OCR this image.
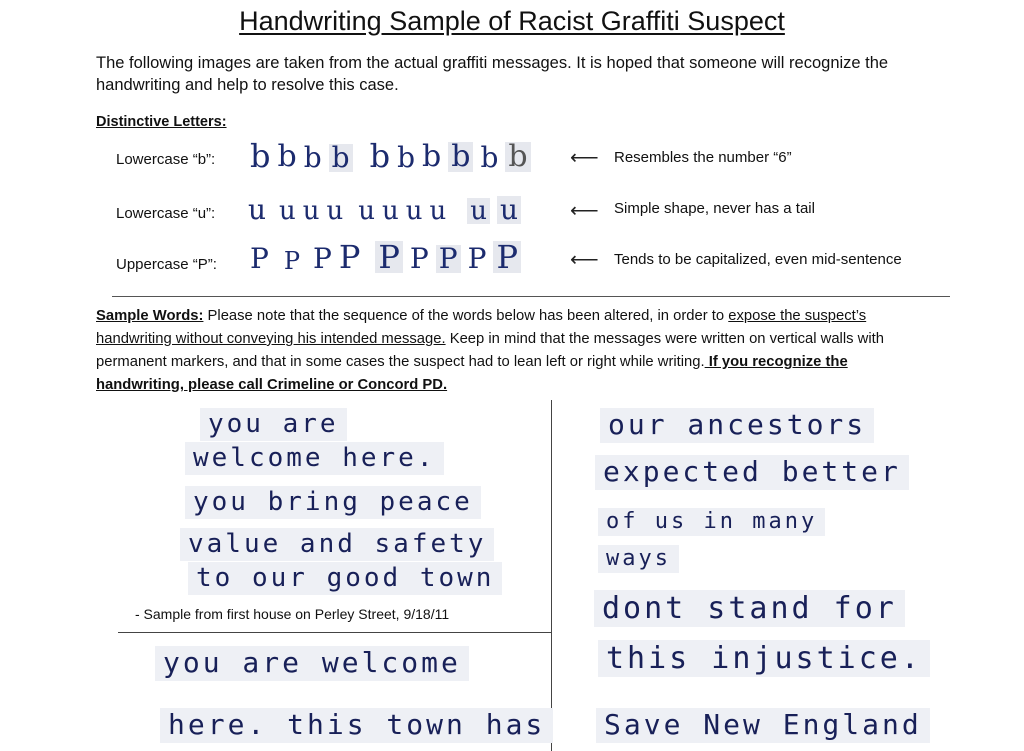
Handwriting Sample of Racist Graffiti Suspect
The following images are taken from the actual graffiti messages. It is hoped that someone will recognize the handwriting and help to resolve this case.
Distinctive Letters:
Lowercase “b”: b b b b b b b b b b ⟵ Resembles the number “6”
Lowercase “u”: u u u u u u u u u u	⟵ Simple shape, never has a tail
Uppercase “P”: P P P P P P P P P	⟵ Tends to be capitalized, even mid-sentence
Sample Words: Please note that the sequence of the words below has been altered, in order to expose the suspect’s handwriting without conveying his intended message. Keep in mind that the messages were written on vertical walls with permanent markers, and that in some cases the suspect had to lean left or right while writing. If you recognize the handwriting, please call Crimeline or Concord PD.
you are
welcome here.
you bring peace
value and safety
to our good town
- Sample from first house on Perley Street, 9/18/11
you are welcome
here. this town has
our ancestors
expected better
of us in many
ways
dont stand for
this injustice.
Save New England
